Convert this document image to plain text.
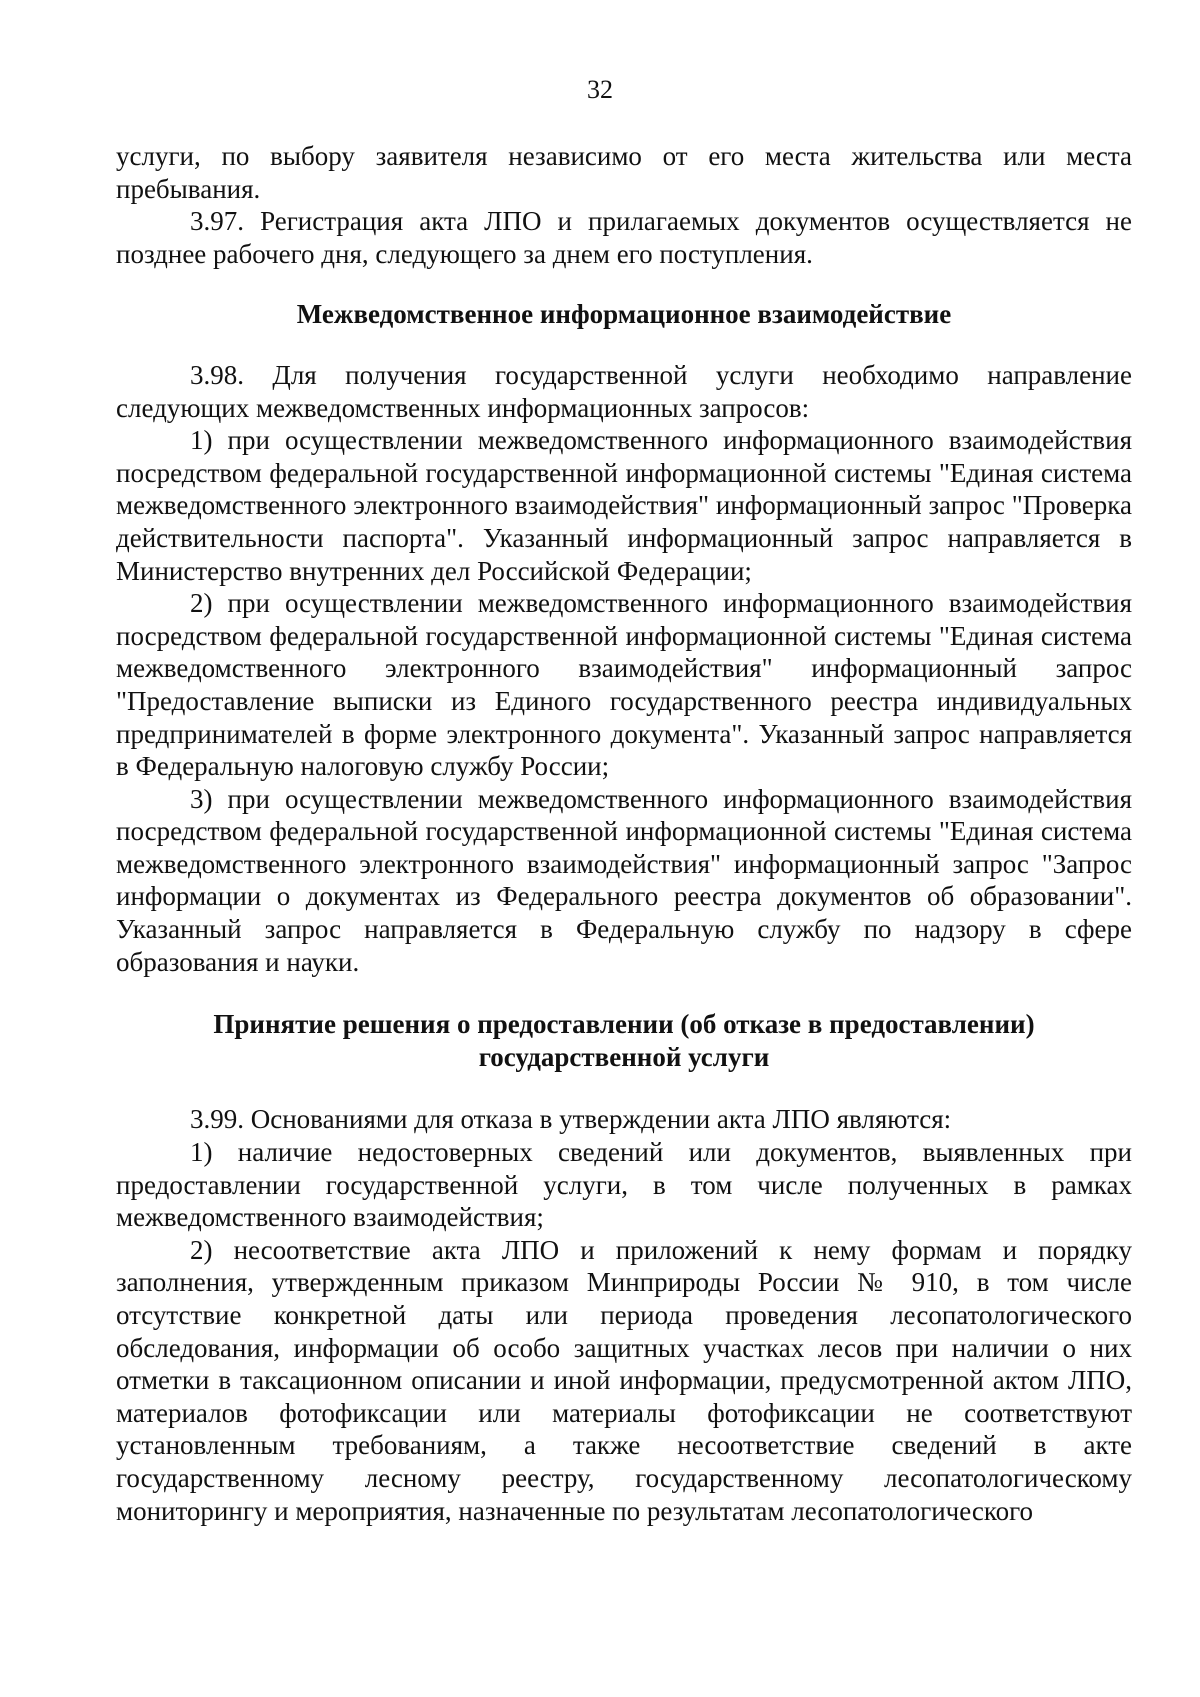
32

услуги, по выбору заявителя независимо от его места жительства или места пребывания.

3.97. Регистрация акта ЛПО и прилагаемых документов осуществляется не позднее рабочего дня, следующего за днем его поступления.

Межведомственное информационное взаимодействие

3.98. Для получения государственной услуги необходимо направление следующих межведомственных информационных запросов:

1) при осуществлении межведомственного информационного взаимодействия посредством федеральной государственной информационной системы "Единая система межведомственного электронного взаимодействия" информационный запрос "Проверка действительности паспорта". Указанный информационный запрос направляется в Министерство внутренних дел Российской Федерации;

2) при осуществлении межведомственного информационного взаимодействия посредством федеральной государственной информационной системы "Единая система межведомственного электронного взаимодействия" информационный запрос "Предоставление выписки из Единого государственного реестра индивидуальных предпринимателей в форме электронного документа". Указанный запрос направляется в Федеральную налоговую службу России;

3) при осуществлении межведомственного информационного взаимодействия посредством федеральной государственной информационной системы "Единая система межведомственного электронного взаимодействия" информационный запрос "Запрос информации о документах из Федерального реестра документов об образовании". Указанный запрос направляется в Федеральную службу по надзору в сфере образования и науки.

Принятие решения о предоставлении (об отказе в предоставлении)

государственной услуги

3.99. Основаниями для отказа в утверждении акта ЛПО являются:

1) наличие недостоверных сведений или документов, выявленных при предоставлении государственной услуги, в том числе полученных в рамках межведомственного взаимодействия;

2) несоответствие акта ЛПО и приложений к нему формам и порядку заполнения, утвержденным приказом Минприроды России № 910, в том числе отсутствие конкретной даты или периода проведения лесопатологического обследования, информации об особо защитных участках лесов при наличии о них отметки в таксационном описании и иной информации, предусмотренной актом ЛПО, материалов фотофиксации или материалы фотофиксации не соответствуют установленным требованиям, а также несоответствие сведений в акте государственному лесному реестру, государственному лесопатологическому мониторингу и мероприятия, назначенные по результатам лесопатологического
